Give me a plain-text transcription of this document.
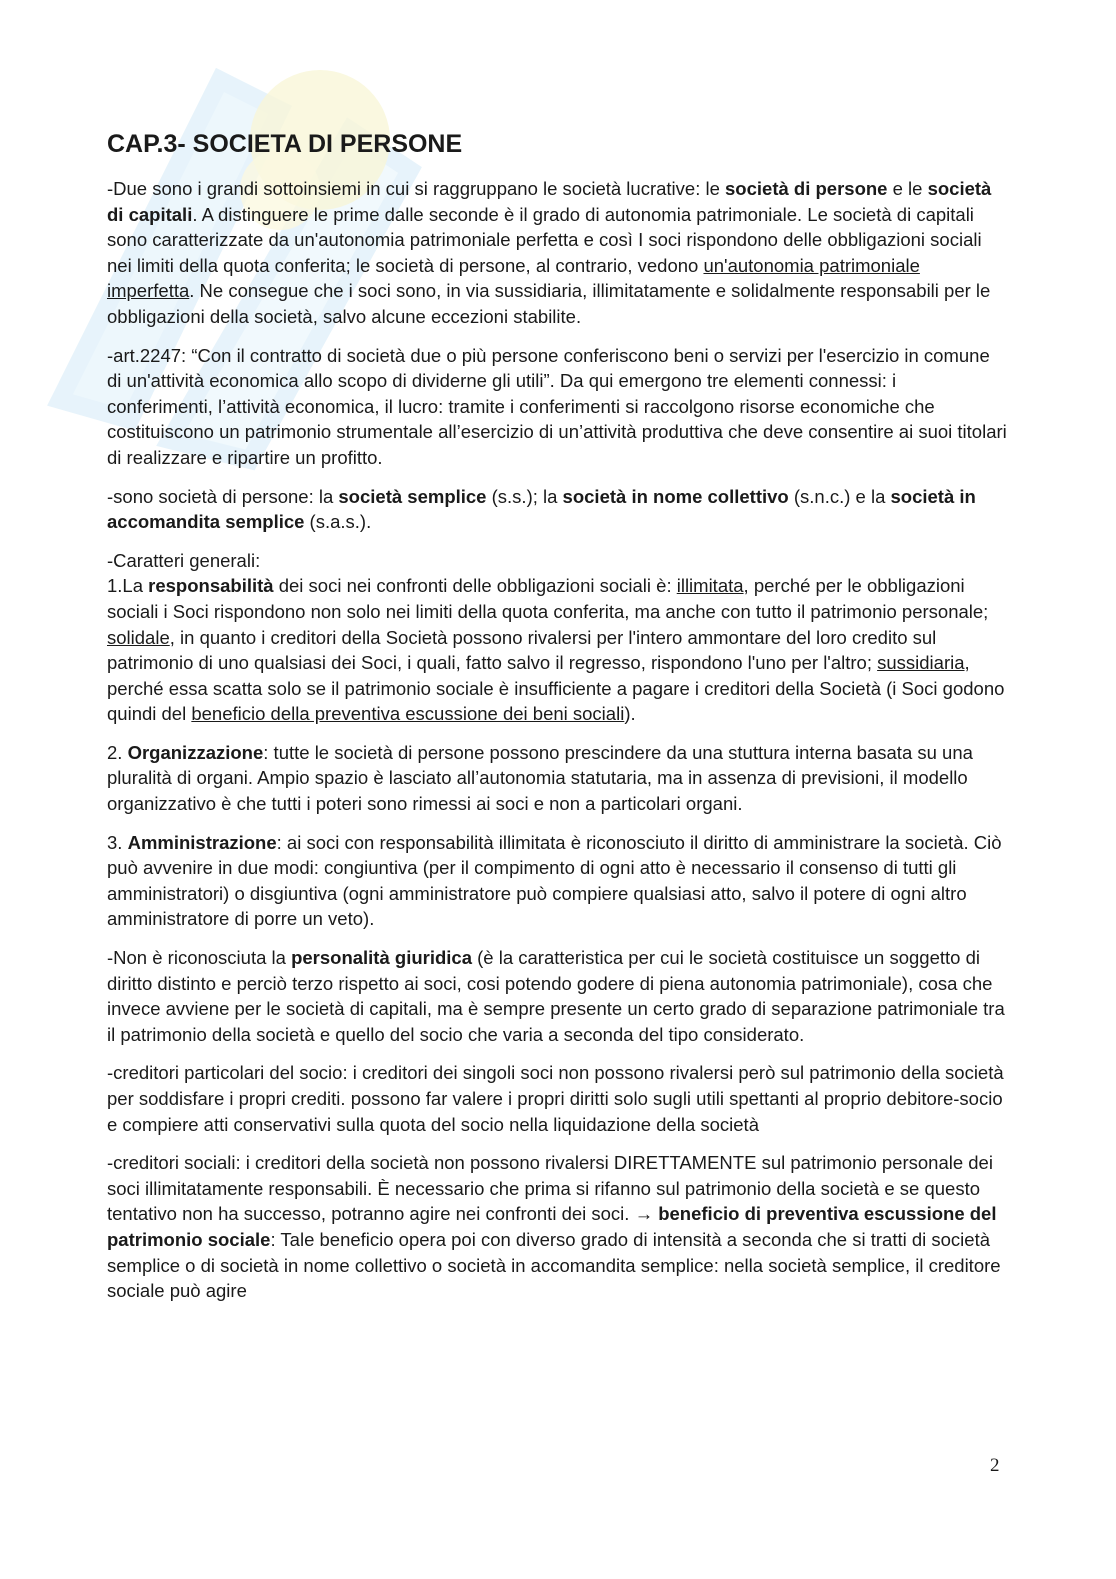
CAP.3- SOCIETA DI PERSONE

-Due sono i grandi sottoinsiemi in cui si raggruppano le società lucrative: le società di persone e le società di capitali. A distinguere le prime dalle seconde è il grado di autonomia patrimoniale. Le società di capitali sono caratterizzate da un'autonomia patrimoniale perfetta e così I soci rispondono delle obbligazioni sociali nei limiti della quota conferita; le società di persone, al contrario, vedono un'autonomia patrimoniale imperfetta. Ne consegue che i soci sono, in via sussidiaria, illimitatamente e solidalmente responsabili per le obbligazioni della società, salvo alcune eccezioni stabilite.

-art.2247: “Con il contratto di società due o più persone conferiscono beni o servizi per l'esercizio in comune di un'attività economica allo scopo di dividerne gli utili”. Da qui emergono tre elementi connessi: i conferimenti, l’attività economica, il lucro: tramite i conferimenti si raccolgono risorse economiche che costituiscono un patrimonio strumentale all’esercizio di un’attività produttiva che deve consentire ai suoi titolari di realizzare e ripartire un profitto.

-sono società di persone: la società semplice (s.s.); la società in nome collettivo (s.n.c.) e la società in accomandita semplice (s.a.s.).

-Caratteri generali:
1.La responsabilità dei soci nei confronti delle obbligazioni sociali è: illimitata, perché per le obbligazioni sociali i Soci rispondono non solo nei limiti della quota conferita, ma anche con tutto il patrimonio personale; solidale, in quanto i creditori della Società possono rivalersi per l'intero ammontare del loro credito sul patrimonio di uno qualsiasi dei Soci, i quali, fatto salvo il regresso, rispondono l'uno per l'altro; sussidiaria, perché essa scatta solo se il patrimonio sociale è insufficiente a pagare i creditori della Società (i Soci godono quindi del beneficio della preventiva escussione dei beni sociali).

2. Organizzazione: tutte le società di persone possono prescindere da una stuttura interna basata su una pluralità di organi. Ampio spazio è lasciato all’autonomia statutaria, ma in assenza di previsioni, il modello organizzativo è che tutti i poteri sono rimessi ai soci e non a particolari organi.

3. Amministrazione: ai soci con responsabilità illimitata è riconosciuto il diritto di amministrare la società. Ciò può avvenire in due modi: congiuntiva (per il compimento di ogni atto è necessario il consenso di tutti gli amministratori) o disgiuntiva (ogni amministratore può compiere qualsiasi atto, salvo il potere di ogni altro amministratore di porre un veto).

-Non è riconosciuta la personalità giuridica (è la caratteristica per cui le società costituisce un soggetto di diritto distinto e perciò terzo rispetto ai soci, cosi potendo godere di piena autonomia patrimoniale), cosa che invece avviene per le società di capitali, ma è sempre presente un certo grado di separazione patrimoniale tra il patrimonio della società e quello del socio che varia a seconda del tipo considerato.

-creditori particolari del socio: i creditori dei singoli soci non possono rivalersi però sul patrimonio della società per soddisfare i propri crediti. possono far valere i propri diritti solo sugli utili spettanti al proprio debitore-socio e compiere atti conservativi sulla quota del socio nella liquidazione della società

-creditori sociali: i creditori della società non possono rivalersi DIRETTAMENTE sul patrimonio personale dei soci illimitatamente responsabili. È necessario che prima si rifanno sul patrimonio della società e se questo tentativo non ha successo, potranno agire nei confronti dei soci. → beneficio di preventiva escussione del patrimonio sociale: Tale beneficio opera poi con diverso grado di intensità a seconda che si tratti di società semplice o di società in nome collettivo o società in accomandita semplice: nella società semplice, il creditore sociale può agire

2
